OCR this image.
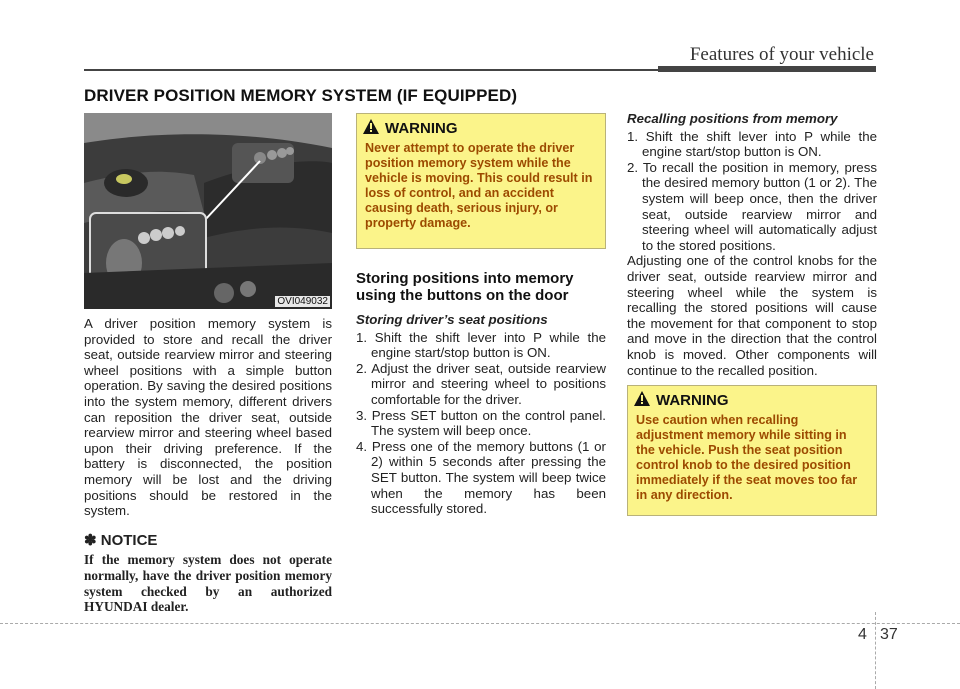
Features of your vehicle
DRIVER POSITION MEMORY SYSTEM (IF EQUIPPED)
OVI049032

A driver position memory system is provided to store and recall the driver seat, outside rearview mirror and steering wheel positions with a simple button operation. By saving the desired positions into the system memory, different drivers can reposition the driver seat, outside rearview mirror and steering wheel based upon their driving preference. If the battery is disconnected, the position memory will be lost and the driving positions should be restored in the system.

✽ NOTICE
If the memory system does not operate normally, have the driver position memory system checked by an authorized HYUNDAI dealer.
WARNING
Never attempt to operate the driver position memory system while the vehicle is moving. This could result in loss of control, and an accident causing death, serious injury, or property damage.
Storing positions into memory using the buttons on the door
Storing driver’s seat positions
1. Shift the shift lever into P while the engine start/stop button is ON.
2. Adjust the driver seat, outside rearview mirror and steering wheel to positions comfortable for the driver.
3. Press SET button on the control panel. The system will beep once.
4. Press one of the memory buttons (1 or 2) within 5 seconds after pressing the SET button. The system will beep twice when the memory has been successfully stored.
Recalling positions from memory
1. Shift the shift lever into P while the engine start/stop button is ON.
2. To recall the position in memory, press the desired memory button (1 or 2). The system will beep once, then the driver seat, outside rearview mirror and steering wheel will automatically adjust to the stored positions.

Adjusting one of the control knobs for the driver seat, outside rearview mirror and steering wheel while the system is recalling the stored positions will cause the movement for that component to stop and move in the direction that the control knob is moved. Other components will continue to the recalled position.

WARNING
Use caution when recalling adjustment memory while sitting in the vehicle. Push the seat position control knob to the desired position immediately if the seat moves too far in any direction.
4 37
